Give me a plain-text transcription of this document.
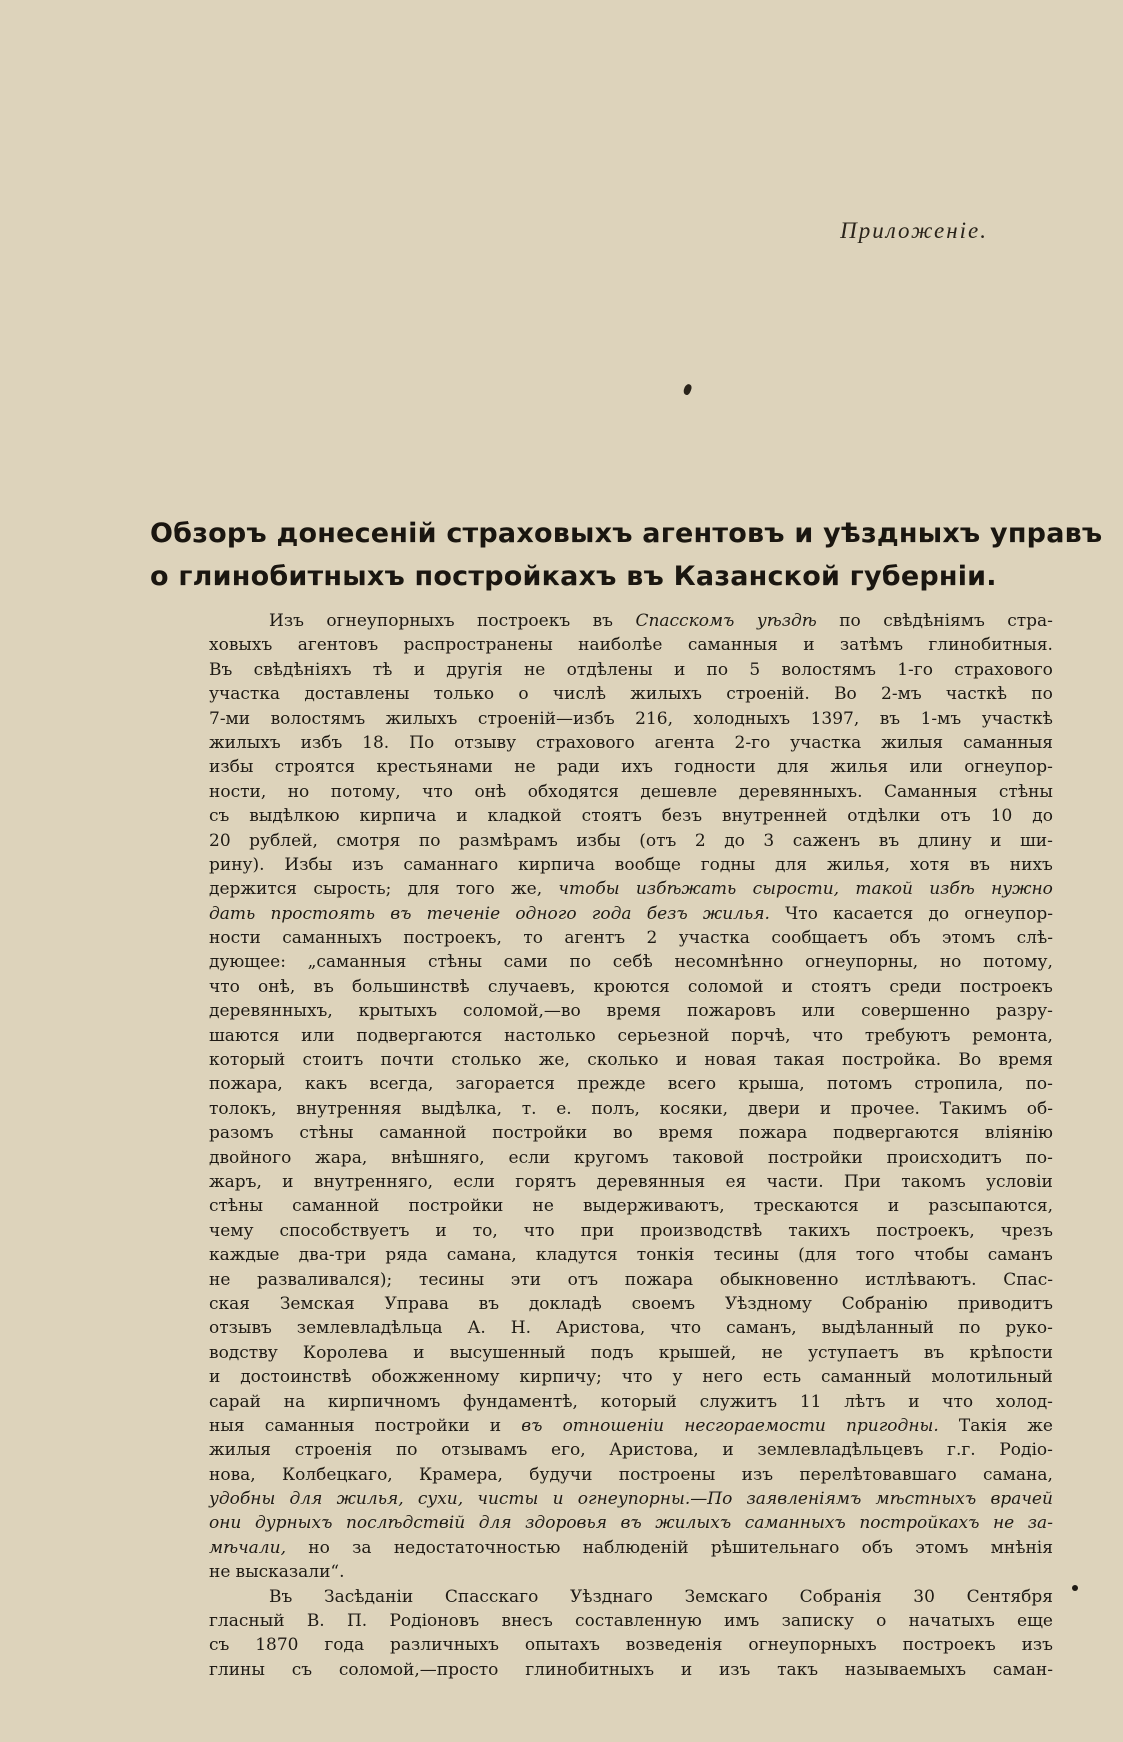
Приложеніе.
Обзоръ донесеній страховыхъ агентовъ и уѣздныхъ управъ
о глинобитныхъ постройкахъ въ Казанской губерніи.
Изъ огнеупорныхъ построекъ въ Спасскомъ уѣздѣ по свѣдѣніямъ стра-
ховыхъ агентовъ распространены наиболѣе саманныя и затѣмъ глинобитныя.
Въ свѣдѣніяхъ тѣ и другія не отдѣлены и по 5 волостямъ 1-го страхового
участка доставлены только о числѣ жилыхъ строеній. Во 2-мъ часткѣ по
7-ми волостямъ жилыхъ строеній—избъ 216, холодныхъ 1397, въ 1-мъ участкѣ
жилыхъ избъ 18. По отзыву страхового агента 2-го участка жилыя саманныя
избы строятся крестьянами не ради ихъ годности для жилья или огнеупор-
ности, но потому, что онѣ обходятся дешевле деревянныхъ. Саманныя стѣны
съ выдѣлкою кирпича и кладкой стоятъ безъ внутренней отдѣлки отъ 10 до
20 рублей, смотря по размѣрамъ избы (отъ 2 до 3 саженъ въ длину и ши-
рину). Избы изъ саманнаго кирпича вообще годны для жилья, хотя въ нихъ
держится сырость; для того же, чтобы избѣжать сырости, такой избѣ нужно
дать простоять въ теченіе одного года безъ жилья. Что касается до огнеупор-
ности саманныхъ построекъ, то агентъ 2 участка сообщаетъ объ этомъ слѣ-
дующее: „саманныя стѣны сами по себѣ несомнѣнно огнеупорны, но потому,
что онѣ, въ большинствѣ случаевъ, кроются соломой и стоятъ среди построекъ
деревянныхъ, крытыхъ соломой,—во время пожаровъ или совершенно разру-
шаются или подвергаются настолько серьезной порчѣ, что требуютъ ремонта,
который стоитъ почти столько же, сколько и новая такая постройка. Во время
пожара, какъ всегда, загорается прежде всего крыша, потомъ стропила, по-
толокъ, внутренняя выдѣлка, т. е. полъ, косяки, двери и прочее. Такимъ об-
разомъ стѣны саманной постройки во время пожара подвергаются вліянію
двойного жара, внѣшняго, если кругомъ таковой постройки происходитъ по-
жаръ, и внутренняго, если горятъ деревянныя ея части. При такомъ условіи
стѣны саманной постройки не выдерживаютъ, трескаются и разсыпаются,
чему способствуетъ и то, что при производствѣ такихъ построекъ, чрезъ
каждые два-три ряда самана, кладутся тонкія тесины (для того чтобы саманъ
не разваливался); тесины эти отъ пожара обыкновенно истлѣваютъ. Спас-
ская Земская Управа въ докладѣ своемъ Уѣздному Собранію приводитъ
отзывъ землевладѣльца А. Н. Аристова, что саманъ, выдѣланный по руко-
водству Королева и высушенный подъ крышей, не уступаетъ въ крѣпости
и достоинствѣ обожженному кирпичу; что у него есть саманный молотильный
сарай на кирпичномъ фундаментѣ, который служитъ 11 лѣтъ и что холод-
ныя саманныя постройки и въ отношеніи несгораемости пригодны. Такія же
жилыя строенія по отзывамъ его, Аристова, и землевладѣльцевъ г.г. Родіо-
нова, Колбецкаго, Крамера, будучи построены изъ перелѣтовавшаго самана,
удобны для жилья, сухи, чисты и огнеупорны.—По заявленіямъ мѣстныхъ врачей
они дурныхъ послѣдствій для здоровья въ жилыхъ саманныхъ постройкахъ не за-
мѣчали, но за недостаточностью наблюденій рѣшительнаго объ этомъ мнѣнія
не высказали“.
Въ Засѣданіи Спасскаго Уѣзднаго Земскаго Собранія 30 Сентября
гласный В. П. Родіоновъ внесъ составленную имъ записку о начатыхъ еще
съ 1870 года различныхъ опытахъ возведенія огнеупорныхъ построекъ изъ
глины съ соломой,—просто глинобитныхъ и изъ такъ называемыхъ саман-
